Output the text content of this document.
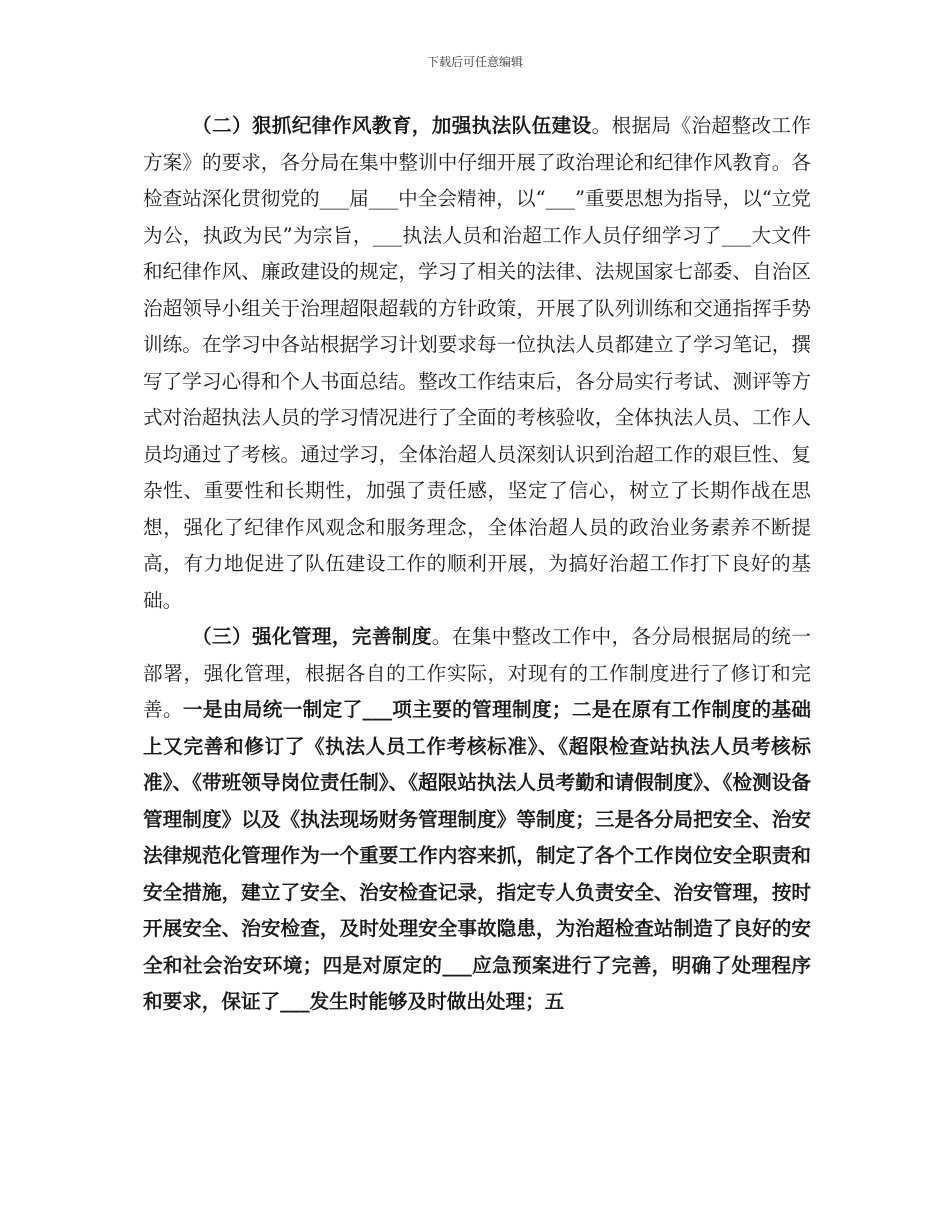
下载后可任意编辑

（二）狠抓纪律作风教育，加强执法队伍建设。根据局《治超整改工作方案》的要求，各分局在集中整训中仔细开展了政治理论和纪律作风教育。各检查站深化贯彻党的___届___中全会精神，以“___”重要思想为指导，以“立党为公，执政为民”为宗旨，___执法人员和治超工作人员仔细学习了___大文件和纪律作风、廉政建设的规定，学习了相关的法律、法规国家七部委、自治区治超领导小组关于治理超限超载的方针政策，开展了队列训练和交通指挥手势训练。在学习中各站根据学习计划要求每一位执法人员都建立了学习笔记，撰写了学习心得和个人书面总结。整改工作结束后，各分局实行考试、测评等方式对治超执法人员的学习情况进行了全面的考核验收，全体执法人员、工作人员均通过了考核。通过学习，全体治超人员深刻认识到治超工作的艰巨性、复杂性、重要性和长期性，加强了责任感，坚定了信心，树立了长期作战在思想，强化了纪律作风观念和服务理念，全体治超人员的政治业务素养不断提高，有力地促进了队伍建设工作的顺利开展，为搞好治超工作打下良好的基础。

（三）强化管理，完善制度。在集中整改工作中，各分局根据局的统一部署，强化管理，根据各自的工作实际，对现有的工作制度进行了修订和完善。一是由局统一制定了___项主要的管理制度；二是在原有工作制度的基础上又完善和修订了《执法人员工作考核标准》、《超限检查站执法人员考核标准》、《带班领导岗位责任制》、《超限站执法人员考勤和请假制度》、《检测设备管理制度》以及《执法现场财务管理制度》等制度；三是各分局把安全、治安法律规范化管理作为一个重要工作内容来抓，制定了各个工作岗位安全职责和安全措施，建立了安全、治安检查记录，指定专人负责安全、治安管理，按时开展安全、治安检查，及时处理安全事故隐患，为治超检查站制造了良好的安全和社会治安环境；四是对原定的___应急预案进行了完善，明确了处理程序和要求，保证了___发生时能够及时做出处理；五
